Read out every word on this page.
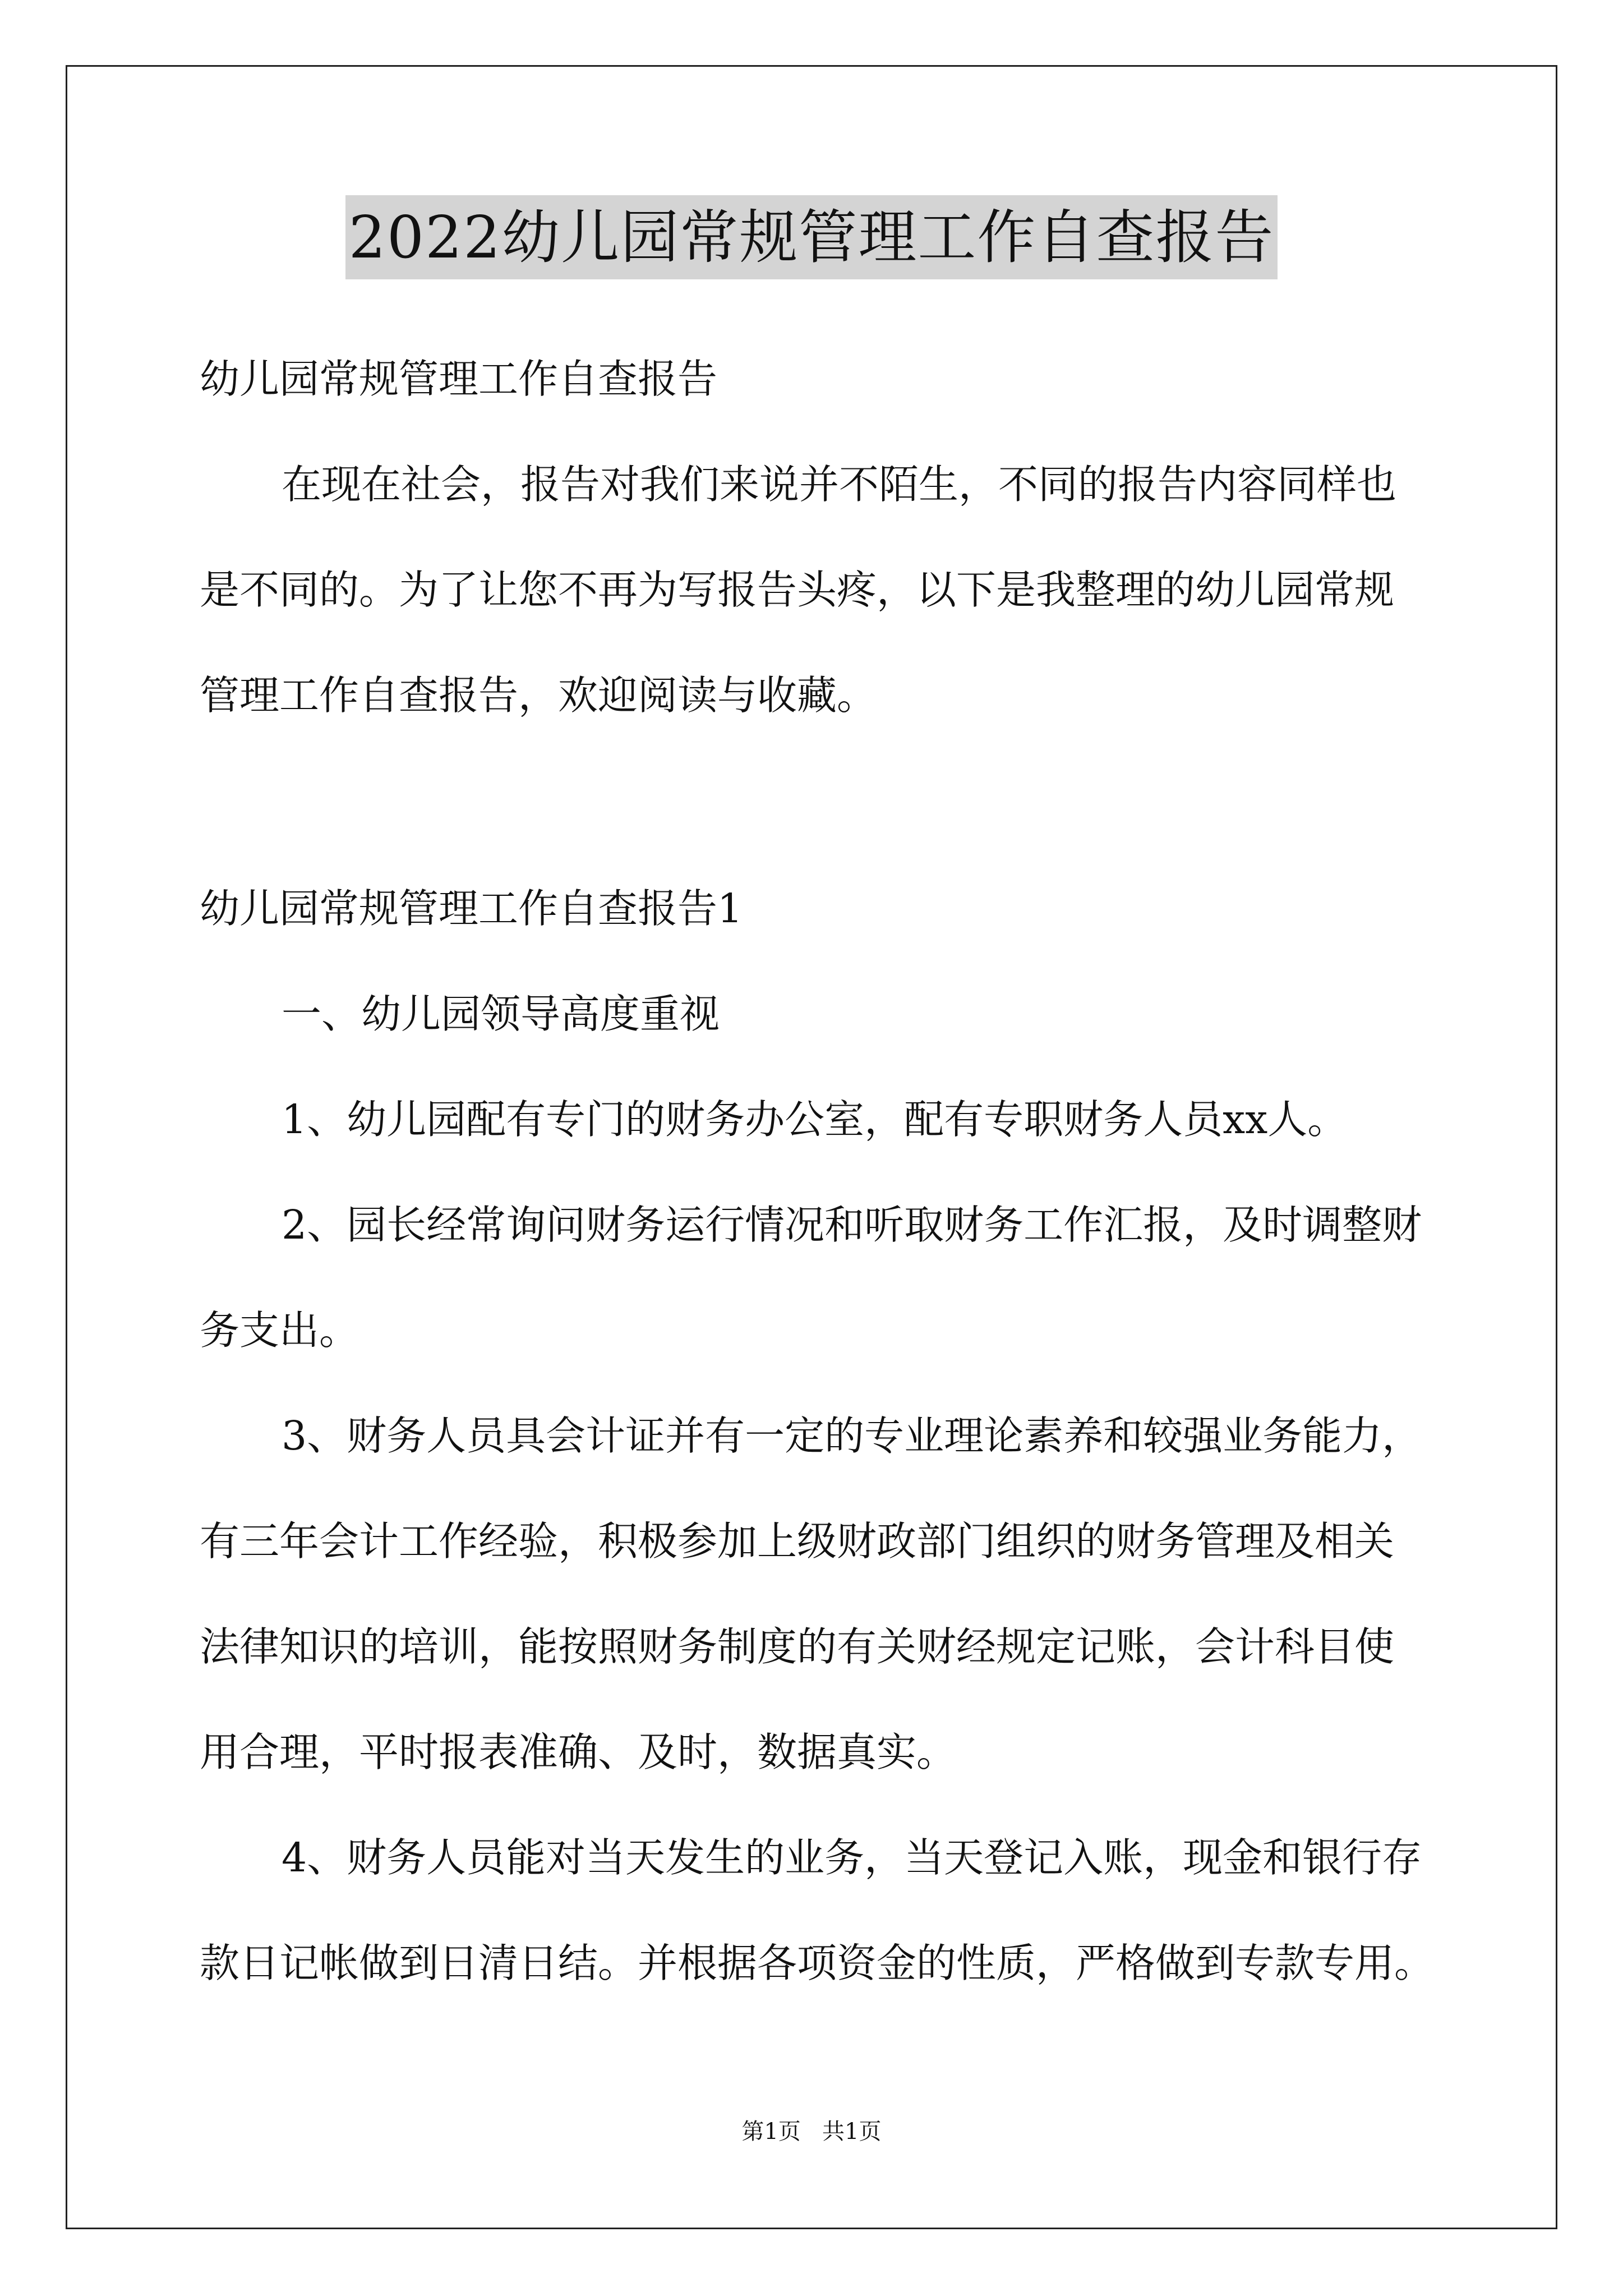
2022幼儿园常规管理工作自查报告
幼儿园常规管理工作自查报告
在现在社会，报告对我们来说并不陌生，不同的报告内容同样也
是不同的。为了让您不再为写报告头疼，以下是我整理的幼儿园常规
管理工作自查报告，欢迎阅读与收藏。
幼儿园常规管理工作自查报告1
一、幼儿园领导高度重视
1、幼儿园配有专门的财务办公室，配有专职财务人员xx人。
2、园长经常询问财务运行情况和听取财务工作汇报，及时调整财
务支出。
3、财务人员具会计证并有一定的专业理论素养和较强业务能力，
有三年会计工作经验，积极参加上级财政部门组织的财务管理及相关
法律知识的培训，能按照财务制度的有关财经规定记账，会计科目使
用合理，平时报表准确、及时，数据真实。
4、财务人员能对当天发生的业务，当天登记入账，现金和银行存
款日记帐做到日清日结。并根据各项资金的性质，严格做到专款专用。
第1页   共1页
